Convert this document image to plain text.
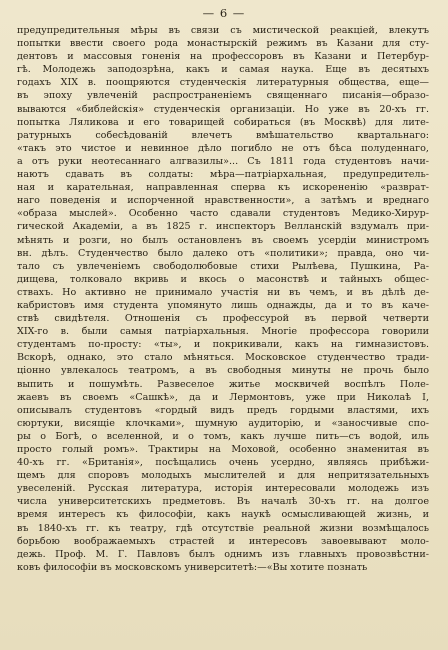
— 6 —
предупредительныя мѣры въ связи съ мистической реакціей, влекутъ
попытки ввести своего рода монастырскій режимъ въ Казани для сту-
дентовъ и массовыя гоненія на профессоровъ въ Казани и Петербур-
гѣ. Молодежь заподозрѣна, какъ и самая наука. Еще въ десятыхъ
годахъ XIX в. поощряются студенческія литературныя общества, еще—
въ эпоху увлеченій распространеніемъ священнаго писанія—образо-
вываются «библейскія» студенческія организаціи. Но уже въ 20-хъ гг.
попытка Ляликова и его товарищей собираться (въ Москвѣ) для лите-
ратурныхъ собесѣдованій влечетъ вмѣшательство квартальнаго:
«такъ это чистое и невинное дѣло погибло не отъ бѣса полуденнаго,
а отъ руки неотесаннаго алгвазилы»... Съ 1811 года студентовъ начи-
наютъ сдавать въ солдаты: мѣра—патріархальная, предупредитель-
ная и карательная, направленная сперва къ искорененію «разврат-
наго поведенія и испорченной нравственности», а затѣмъ и вреднаго
«образа мыслей». Особенно часто сдавали студентовъ Медико-Хирур-
гической Академіи, а въ 1825 г. инспекторъ Велланскій вздумалъ при-
мѣнять и розги, но былъ остановленъ въ своемъ усердіи министромъ
вн. дѣлъ. Студенчество было далеко отъ «политики»; правда, оно чи-
тало съ увлеченіемъ свободолюбовые стихи Рылѣева, Пушкина, Ра-
дищева, толковало вкривь и вкось о масонствѣ и тайныхъ общес-
ствахъ. Но активно не принимало участія ни въ чемъ, и въ дѣлѣ де-
кабристовъ имя студента упомянуто лишь однажды, да и то въ каче-
ствѣ свидѣтеля. Отношенія съ профессурой въ первой четверти
XIX-го в. были самыя патріархальныя. Многіе профессора говорили
студентамъ по-просту: «ты», и покрикивали, какъ на гимназистовъ.
Вскорѣ, однако, это стало мѣняться. Московское студенчество тради-
ціонно увлекалось театромъ, а въ свободныя минуты не прочь было
выпить и пошумѣть. Развеселое житье москвичей воспѣлъ Поле-
жаевъ въ своемъ «Сашкѣ», да и Лермонтовъ, уже при Николаѣ I,
описывалъ студентовъ «гордый видъ предъ гордыми властями, ихъ
сюртуки, висящіе клочками», шумную аудиторію, и «заносчивые спо-
ры о Богѣ, о вселенной, и о томъ, какъ лучше пить—съ водой, иль
просто голый ромъ». Трактиры на Моховой, особенно знаменитая въ
40-хъ гг. «Британія», посѣщались очень усердно, являясь прибѣжи-
щемъ для споровъ молодыхъ мыслителей и для непритязательныхъ
увеселеній. Русская литература, исторія интересовали молодежь изъ
числа университетскихъ предметовъ. Въ началѣ 30-хъ гг. на долгое
время интересъ къ философіи, какъ наукѣ осмысливающей жизнь, и
въ 1840-хъ гг. къ театру, гдѣ отсутствіе реальной жизни возмѣщалось
борьбою воображаемыхъ страстей и интересовъ завоевывают моло-
дежь. Проф. М. Г. Павловъ былъ однимъ изъ главныхъ провозвѣстни-
ковъ философіи въ московскомъ университетѣ:—«Вы хотите познать
